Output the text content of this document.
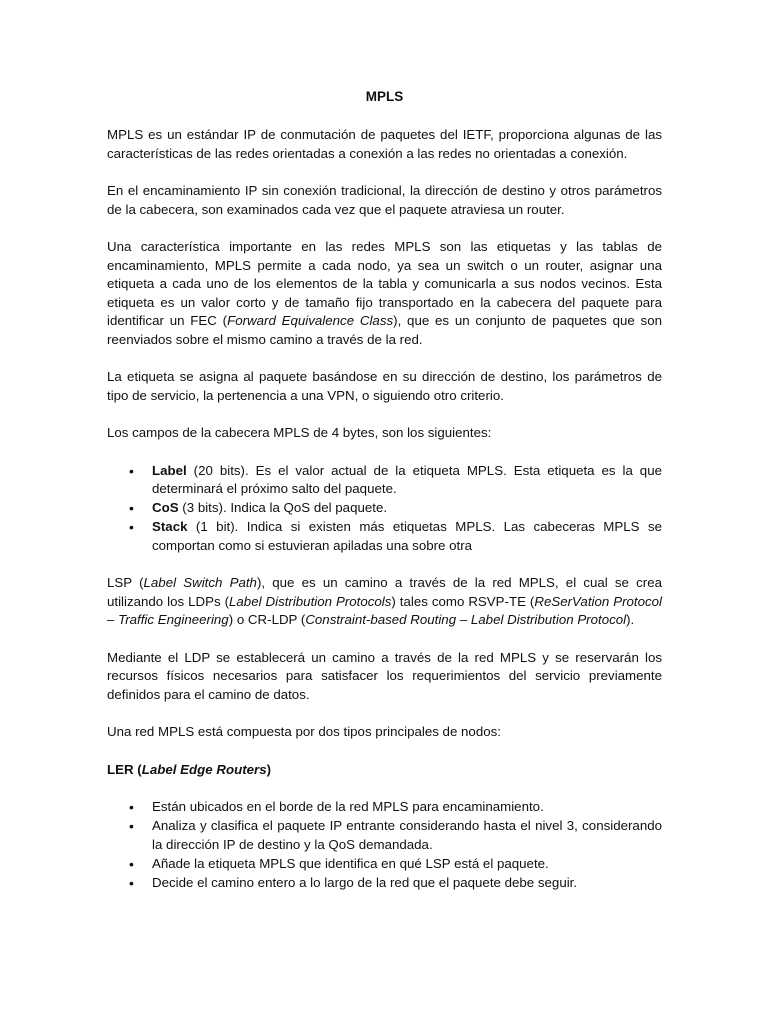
MPLS

MPLS es un estándar IP de conmutación de paquetes del IETF, proporciona algunas de las características de las redes orientadas a conexión a las redes no orientadas a conexión.

En el encaminamiento IP sin conexión tradicional, la dirección de destino y otros parámetros de la cabecera, son examinados cada vez que el paquete atraviesa un router.

Una característica importante en las redes MPLS son las etiquetas y las tablas de encaminamiento, MPLS permite a cada nodo, ya sea un switch o un router, asignar una etiqueta a cada uno de los elementos de la tabla y comunicarla a sus nodos vecinos. Esta etiqueta es un valor corto y de tamaño fijo transportado en la cabecera del paquete para identificar un FEC (Forward Equivalence Class), que es un conjunto de paquetes que son reenviados sobre el mismo camino a través de la red.

La etiqueta se asigna al paquete basándose en su dirección de destino, los parámetros de tipo de servicio, la pertenencia a una VPN, o siguiendo otro criterio.

Los campos de la cabecera MPLS de 4 bytes, son los siguientes:

• Label (20 bits). Es el valor actual de la etiqueta MPLS. Esta etiqueta es la que determinará el próximo salto del paquete.
• CoS (3 bits). Indica la QoS del paquete.
• Stack (1 bit). Indica si existen más etiquetas MPLS. Las cabeceras MPLS se comportan como si estuvieran apiladas una sobre otra

LSP (Label Switch Path), que es un camino a través de la red MPLS, el cual se crea utilizando los LDPs (Label Distribution Protocols) tales como RSVP-TE (ReSerVation Protocol – Traffic Engineering) o CR-LDP (Constraint-based Routing – Label Distribution Protocol).

Mediante el LDP se establecerá un camino a través de la red MPLS y se reservarán los recursos físicos necesarios para satisfacer los requerimientos del servicio previamente definidos para el camino de datos.

Una red MPLS está compuesta por dos tipos principales de nodos:

LER (Label Edge Routers)

• Están ubicados en el borde de la red MPLS para encaminamiento.
• Analiza y clasifica el paquete IP entrante considerando hasta el nivel 3, considerando la dirección IP de destino y la QoS demandada.
• Añade la etiqueta MPLS que identifica en qué LSP está el paquete.
• Decide el camino entero a lo largo de la red que el paquete debe seguir.
